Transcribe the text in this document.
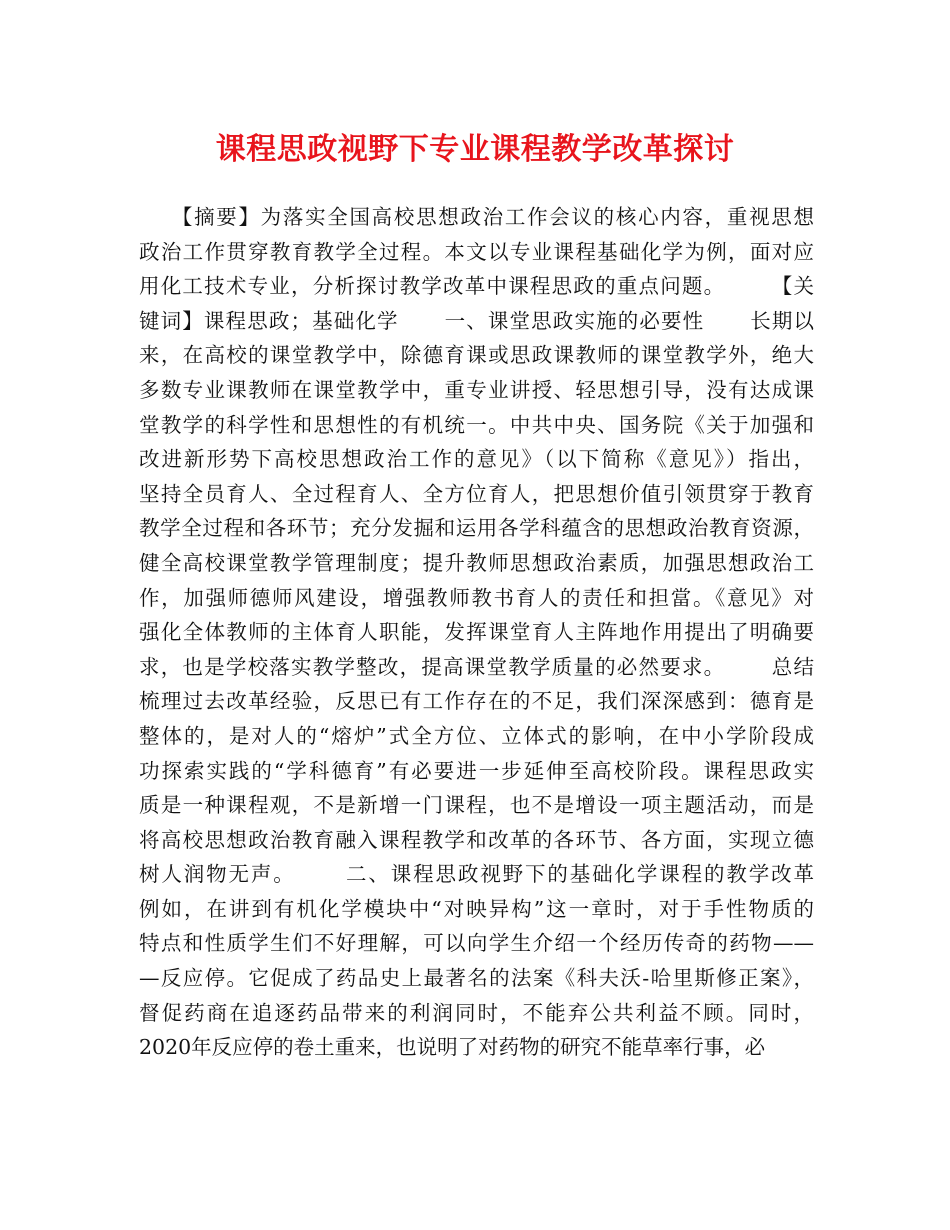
课程思政视野下专业课程教学改革探讨
【摘要】为落实全国高校思想政治工作会议的核心内容，重视思想
政治工作贯穿教育教学全过程。本文以专业课程基础化学为例，面对应
用化工技术专业，分析探讨教学改革中课程思政的重点问题。      【关
键词】课程思政；基础化学      一、课堂思政实施的必要性      长期以
来，在高校的课堂教学中，除德育课或思政课教师的课堂教学外，绝大
多数专业课教师在课堂教学中，重专业讲授、轻思想引导，没有达成课
堂教学的科学性和思想性的有机统一。中共中央、国务院《关于加强和
改进新形势下高校思想政治工作的意见》（以下简称《意见》）指出，
坚持全员育人、全过程育人、全方位育人，把思想价值引领贯穿于教育
教学全过程和各环节；充分发掘和运用各学科蕴含的思想政治教育资源，
健全高校课堂教学管理制度；提升教师思想政治素质，加强思想政治工
作，加强师德师风建设，增强教师教书育人的责任和担當。《意见》对
强化全体教师的主体育人职能，发挥课堂育人主阵地作用提出了明确要
求，也是学校落实教学整改，提高课堂教学质量的必然要求。      总结
梳理过去改革经验，反思已有工作存在的不足，我们深深感到：德育是
整体的，是对人的“熔炉”式全方位、立体式的影响，在中小学阶段成
功探索实践的“学科德育”有必要进一步延伸至高校阶段。课程思政实
质是一种课程观，不是新增一门课程，也不是增设一项主题活动，而是
将高校思想政治教育融入课程教学和改革的各环节、各方面，实现立德
树人润物无声。      二、课程思政视野下的基础化学课程的教学改革
例如，在讲到有机化学模块中“对映异构”这一章时，对于手性物质的
特点和性质学生们不好理解，可以向学生介绍一个经历传奇的药物——
—反应停。它促成了药品史上最著名的法案《科夫沃-哈里斯修正案》，
督促药商在追逐药品带来的利润同时，不能弃公共利益不顾。同时，
2020年反应停的卷土重来，也说明了对药物的研究不能草率行事，必
